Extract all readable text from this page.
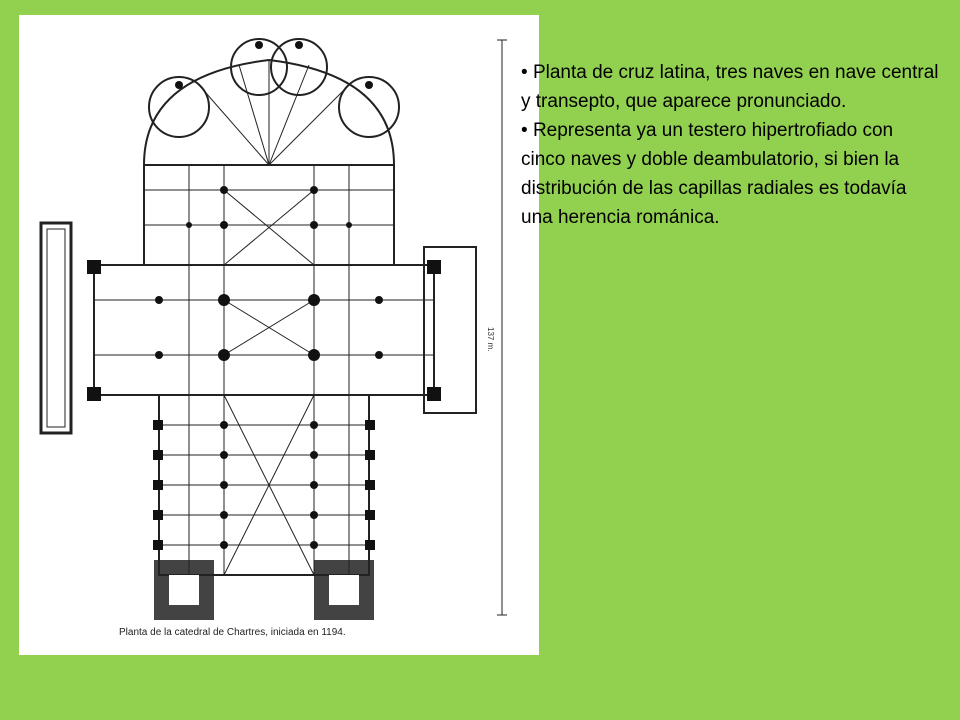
Planta de la catedral de Chartres, iniciada en 1194.
137 m.
• Planta de cruz latina, tres naves en nave central y transepto, que aparece pronunciado.
• Representa ya un testero hipertrofiado con cinco naves y doble deambulatorio, si bien la distribución de las capillas radiales es todavía una herencia románica.
